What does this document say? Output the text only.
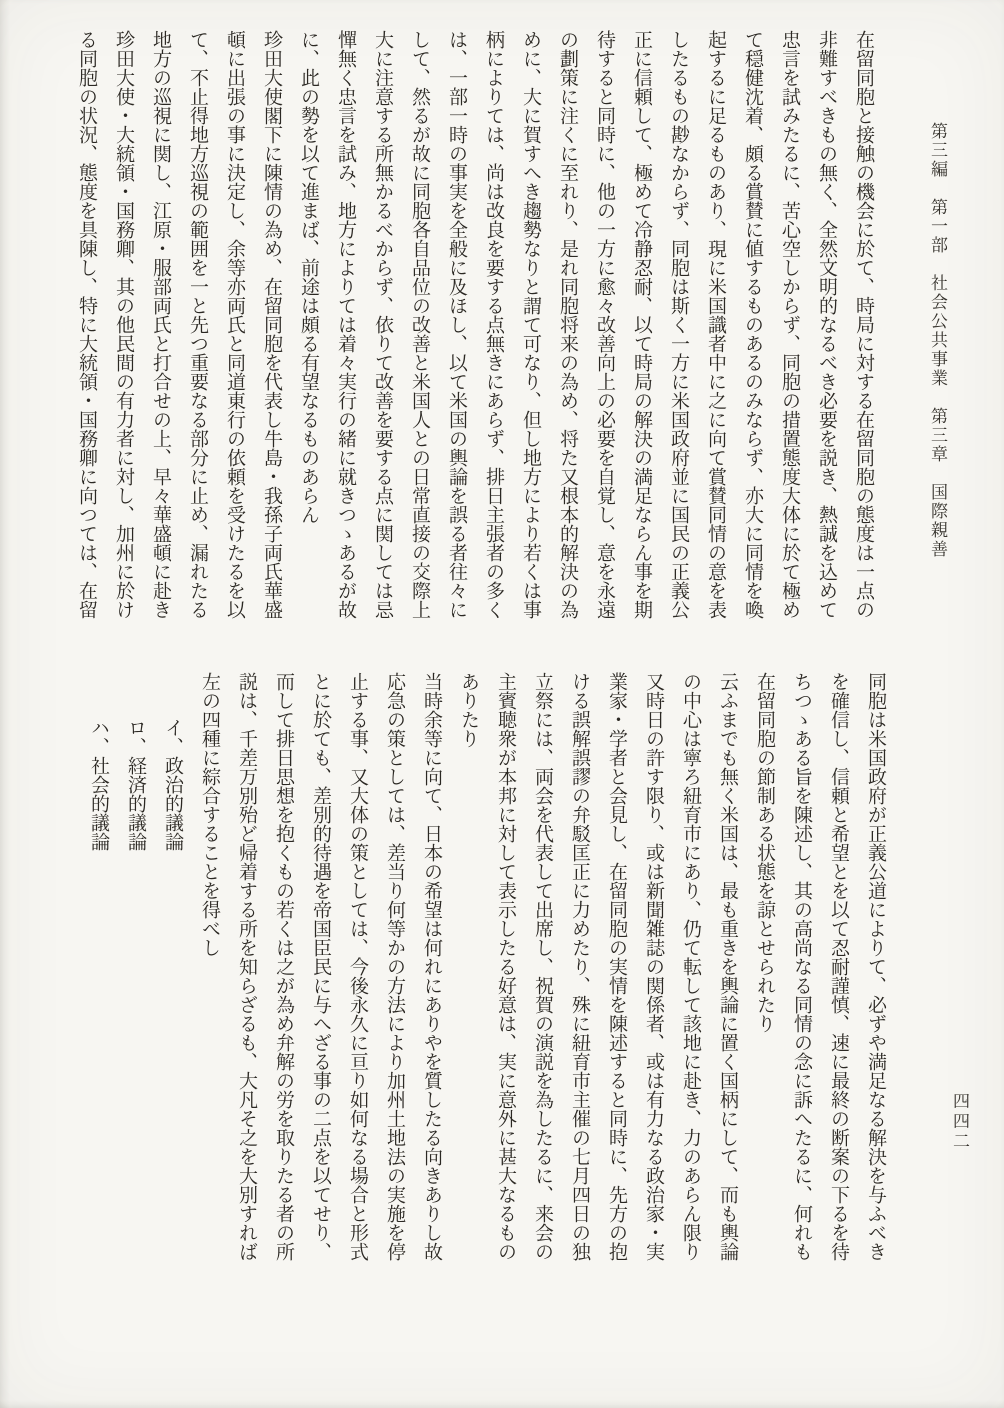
第三編　第一部　社会公共事業　第三章　国際親善
四四二
在留同胞と接触の機会に於て、時局に対する在留同胞の態度は一点の
非難すべきもの無く、全然文明的なるべき必要を説き、熱誠を込めて
忠言を試みたるに、苦心空しからず、同胞の措置態度大体に於て極め
て穏健沈着、頗る賞賛に値するものあるのみならず、亦大に同情を喚
起するに足るものあり、現に米国識者中に之に向て賞賛同情の意を表
したるもの尠なからず、同胞は斯く一方に米国政府並に国民の正義公
正に信頼して、極めて冷静忍耐、以て時局の解決の満足ならん事を期
待すると同時に、他の一方に愈々改善向上の必要を自覚し、意を永遠
の劃策に注くに至れり、是れ同胞将来の為め、将た又根本的解決の為
めに、大に賀すへき趨勢なりと謂て可なり、但し地方により若くは事
柄によりては、尚は改良を要する点無きにあらず、排日主張者の多く
は、一部一時の事実を全般に及ほし、以て米国の輿論を誤る者往々に
して、然るが故に同胞各自品位の改善と米国人との日常直接の交際上
大に注意する所無かるべからず、依りて改善を要する点に関しては忌
憚無く忠言を試み、地方によりては着々実行の緒に就きつゝあるが故
に、此の勢を以て進まば、前途は頗る有望なるものあらん
珍田大使閣下に陳情の為め、在留同胞を代表し牛島・我孫子両氏華盛
頓に出張の事に決定し、余等亦両氏と同道東行の依頼を受けたるを以
て、不止得地方巡視の範囲を一と先つ重要なる部分に止め、漏れたる
地方の巡視に関し、江原・服部両氏と打合せの上、早々華盛頓に赴き
珍田大使・大統領・国務卿、其の他民間の有力者に対し、加州に於け
る同胞の状況、態度を具陳し、特に大統領・国務卿に向つては、在留
同胞は米国政府が正義公道によりて、必ずや満足なる解決を与ふべき
を確信し、信頼と希望とを以て忍耐謹慎、速に最終の断案の下るを待
ちつゝある旨を陳述し、其の高尚なる同情の念に訴へたるに、何れも
在留同胞の節制ある状態を諒とせられたり
云ふまでも無く米国は、最も重きを輿論に置く国柄にして、而も輿論
の中心は寧ろ紐育市にあり、仍て転して該地に赴き、力のあらん限り
又時日の許す限り、或は新聞雑誌の関係者、或は有力なる政治家・実
業家・学者と会見し、在留同胞の実情を陳述すると同時に、先方の抱
ける誤解誤謬の弁駁匡正に力めたり、殊に紐育市主催の七月四日の独
立祭には、両会を代表して出席し、祝賀の演説を為したるに、来会の
主賓聴衆が本邦に対して表示したる好意は、実に意外に甚大なるもの
ありたり
当時余等に向て、日本の希望は何れにありやを質したる向きありし故
応急の策としては、差当り何等かの方法により加州土地法の実施を停
止する事、又大体の策としては、今後永久に亘り如何なる場合と形式
とに於ても、差別的待遇を帝国臣民に与へざる事の二点を以てせり、
而して排日思想を抱くもの若くは之が為め弁解の労を取りたる者の所
説は、千差万別殆ど帰着する所を知らざるも、大凡そ之を大別すれば
左の四種に綜合することを得べし
イ、政治的議論
ロ、経済的議論
ハ、社会的議論
